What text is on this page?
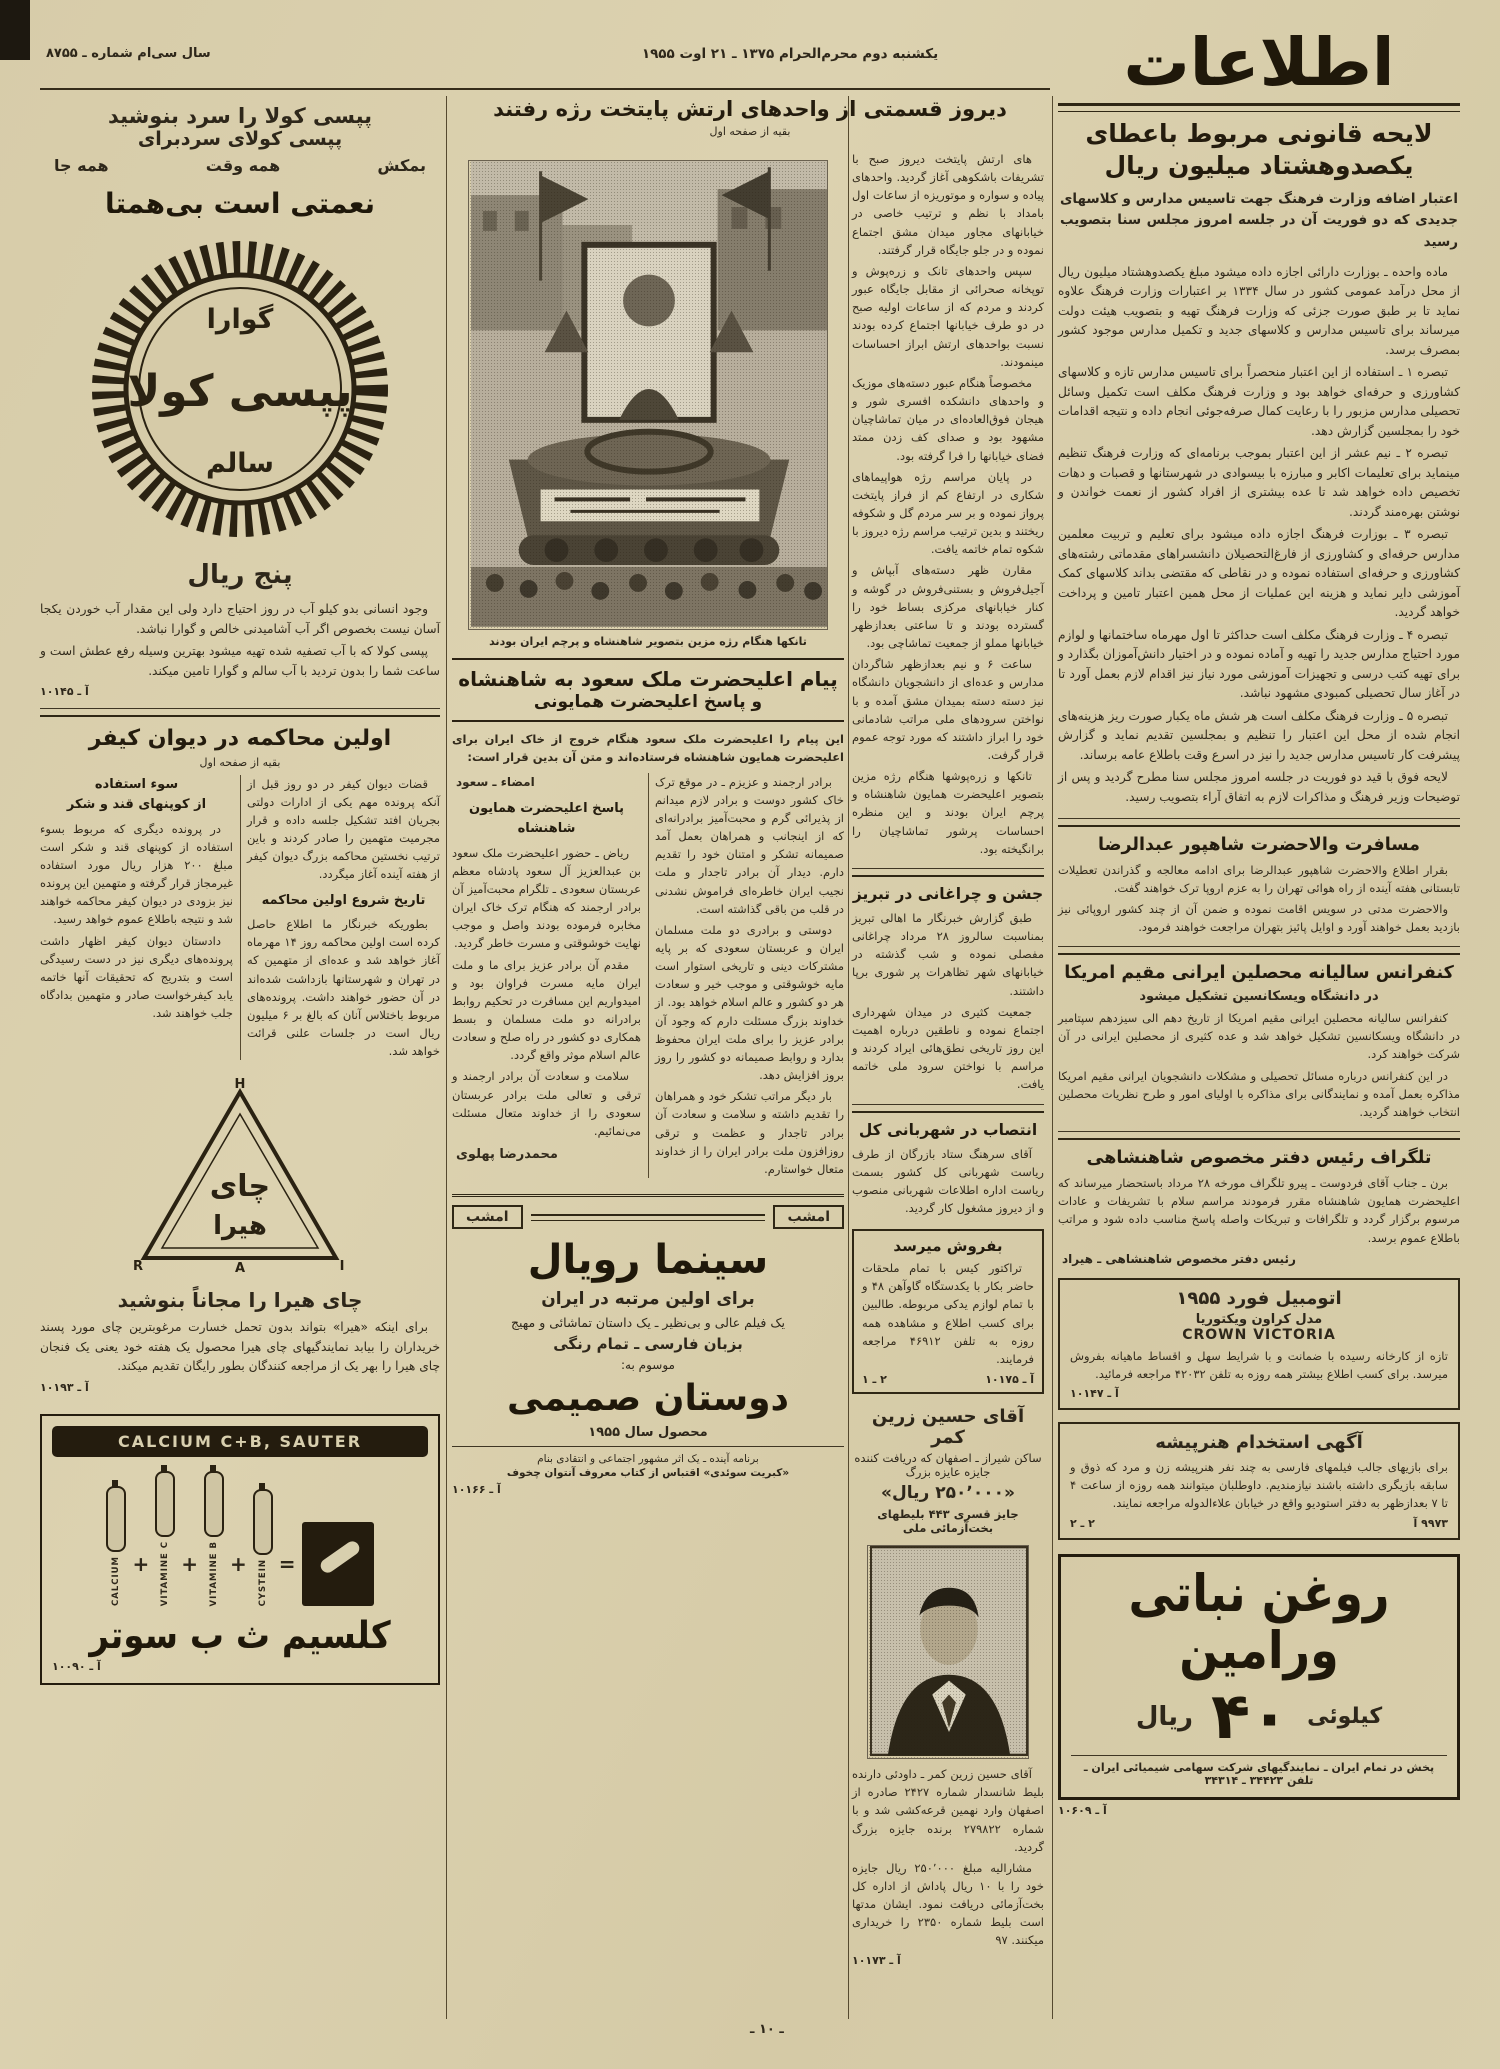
سال سی‌ام شماره ـ ۸۷۵۵	یکشنبه دوم محرم‌الحرام ۱۳۷۵ ـ ۲۱ اوت ۱۹۵۵
دیروز قسمتی از واحدهای ارتش پایتخت رژه رفتند
بقیه از صفحه اول
اطلاعات
لایحه قانونی مربوط باعطای
یکصدوهشتاد میلیون ریال
اعتبار اضافه وزارت فرهنگ جهت تاسیس مدارس و کلاسهای جدیدی که دو فوریت آن در جلسه امروز مجلس سنا بتصویب رسید
ماده واحده ـ بوزارت دارائی اجازه داده میشود مبلغ یکصدوهشتاد میلیون ریال از محل درآمد عمومی کشور در سال ۱۳۳۴ بر اعتبارات وزارت فرهنگ علاوه نماید تا بر طبق صورت جزئی که وزارت فرهنگ تهیه و بتصویب هیئت دولت میرساند برای تاسیس مدارس و کلاسهای جدید و تکمیل مدارس موجود کشور بمصرف برسد.
تبصره ۱ ـ استفاده از این اعتبار منحصراً برای تاسیس مدارس تازه و کلاسهای کشاورزی و حرفه‌ای خواهد بود و وزارت فرهنگ مکلف است تکمیل وسائل تحصیلی مدارس مزبور را با رعایت کمال صرفه‌جوئی انجام داده و نتیجه اقدامات خود را بمجلسین گزارش دهد.
تبصره ۲ ـ نیم عشر از این اعتبار بموجب برنامه‌ای که وزارت فرهنگ تنظیم مینماید برای تعلیمات اکابر و مبارزه با بیسوادی در شهرستانها و قصبات و دهات تخصیص داده خواهد شد تا عده بیشتری از افراد کشور از نعمت خواندن و نوشتن بهره‌مند گردند.
تبصره ۳ ـ بوزارت فرهنگ اجازه داده میشود برای تعلیم و تربیت معلمین مدارس حرفه‌ای و کشاورزی از فارغ‌التحصیلان دانشسراهای مقدماتی رشته‌های کشاورزی و حرفه‌ای استفاده نموده و در نقاطی که مقتضی بداند کلاسهای کمک آموزشی دایر نماید و هزینه این عملیات از محل همین اعتبار تامین و پرداخت خواهد گردید.
تبصره ۴ ـ وزارت فرهنگ مکلف است حداکثر تا اول مهرماه ساختمانها و لوازم مورد احتیاج مدارس جدید را تهیه و آماده نموده و در اختیار دانش‌آموزان بگذارد و برای تهیه کتب درسی و تجهیزات آموزشی مورد نیاز نیز اقدام لازم بعمل آورد تا در آغاز سال تحصیلی کمبودی مشهود نباشد.
تبصره ۵ ـ وزارت فرهنگ مکلف است هر شش ماه یکبار صورت ریز هزینه‌های انجام شده از محل این اعتبار را تنظیم و بمجلسین تقدیم نماید و گزارش پیشرفت کار تاسیس مدارس جدید را نیز در اسرع وقت باطلاع عامه برساند.
لایحه فوق با قید دو فوریت در جلسه امروز مجلس سنا مطرح گردید و پس از توضیحات وزیر فرهنگ و مذاکرات لازم به اتفاق آراء بتصویب رسید.
مسافرت والاحضرت شاهپور عبدالرضا
بقرار اطلاع والاحضرت شاهپور عبدالرضا برای ادامه معالجه و گذراندن تعطیلات تابستانی هفته آینده از راه هوائی تهران را به عزم اروپا ترک خواهند گفت.
والاحضرت مدتی در سویس اقامت نموده و ضمن آن از چند کشور اروپائی نیز بازدید بعمل خواهند آورد و اوایل پائیز بتهران مراجعت خواهند فرمود.
کنفرانس سالیانه محصلین ایرانی مقیم امریکا
در دانشگاه ویسکانسین تشکیل میشود
کنفرانس سالیانه محصلین ایرانی مقیم امریکا از تاریخ دهم الی سیزدهم سپتامبر در دانشگاه ویسکانسین تشکیل خواهد شد و عده کثیری از محصلین ایرانی در آن شرکت خواهند کرد.
در این کنفرانس درباره مسائل تحصیلی و مشکلات دانشجویان ایرانی مقیم امریکا مذاکره بعمل آمده و نمایندگانی برای مذاکره با اولیای امور و طرح نظریات محصلین انتخاب خواهند گردید.
تلگراف رئیس دفتر مخصوص شاهنشاهی
برن ـ جناب آقای فردوست ـ پیرو تلگراف مورخه ۲۸ مرداد باستحضار میرساند که اعلیحضرت همایون شاهنشاه مقرر فرمودند مراسم سلام با تشریفات و عادات مرسوم برگزار گردد و تلگرافات و تبریکات واصله پاسخ مناسب داده شود و مراتب باطلاع عموم برسد.
رئیس دفتر مخصوص شاهنشاهی ـ هیراد
اتومبیل فورد ۱۹۵۵
مدل کراون ویکتوریا
CROWN VICTORIA
تازه از کارخانه رسیده با ضمانت و با شرایط سهل و اقساط ماهیانه بفروش میرسد. برای کسب اطلاع بیشتر همه روزه به تلفن ۴۲۰۳۲ مراجعه فرمائید.
آ ـ ۱۰۱۴۷
آگهی استخدام هنرپیشه
برای بازیهای جالب فیلمهای فارسی به چند نفر هنرپیشه زن و مرد که ذوق و سابقه بازیگری داشته باشند نیازمندیم. داوطلبان میتوانند همه روزه از ساعت ۴ تا ۷ بعدازظهر به دفتر استودیو واقع در خیابان علاءالدوله مراجعه نمایند.
۹۹۷۳ آ
۲ ـ ۲
روغن نباتی ورامین
کیلوئی
۴۰
ریال
پخش در تمام ایران ـ نمایندگیهای شرکت سهامی شیمیائی ایران ـ تلفن ۳۴۴۲۳ ـ ۳۴۳۱۴
آ ـ ۱۰۶۰۹
های ارتش پایتخت دیروز صبح با تشریفات باشکوهی آغاز گردید. واحدهای پیاده و سواره و موتوریزه از ساعات اول بامداد با نظم و ترتیب خاصی در خیابانهای مجاور میدان مشق اجتماع نموده و در جلو جایگاه قرار گرفتند.
سپس واحدهای تانک و زره‌پوش و توپخانه صحرائی از مقابل جایگاه عبور کردند و مردم که از ساعات اولیه صبح در دو طرف خیابانها اجتماع کرده بودند نسبت بواحدهای ارتش ابراز احساسات مینمودند.
مخصوصاً هنگام عبور دسته‌های موزیک و واحدهای دانشکده افسری شور و هیجان فوق‌العاده‌ای در میان تماشاچیان مشهود بود و صدای کف زدن ممتد فضای خیابانها را فرا گرفته بود.
در پایان مراسم رژه هواپیماهای شکاری در ارتفاع کم از فراز پایتخت پرواز نموده و بر سر مردم گل و شکوفه ریختند و بدین ترتیب مراسم رژه دیروز با شکوه تمام خاتمه یافت.
مقارن ظهر دسته‌های آبپاش و آجیل‌فروش و بستنی‌فروش در گوشه و کنار خیابانهای مرکزی بساط خود را گسترده بودند و تا ساعتی بعدازظهر خیابانها مملو از جمعیت تماشاچی بود.
ساعت ۶ و نیم بعدازظهر شاگردان مدارس و عده‌ای از دانشجویان دانشگاه نیز دسته دسته بمیدان مشق آمده و با نواختن سرودهای ملی مراتب شادمانی خود را ابراز داشتند که مورد توجه عموم قرار گرفت.
تانکها و زره‌پوشها هنگام رژه مزین بتصویر اعلیحضرت همایون شاهنشاه و پرچم ایران بودند و این منظره احساسات پرشور تماشاچیان را برانگیخته بود.
جشن و چراغانی در تبریز
طبق گزارش خبرنگار ما اهالی تبریز بمناسبت سالروز ۲۸ مرداد چراغانی مفصلی نموده و شب گذشته در خیابانهای شهر تظاهرات پر شوری برپا داشتند.
جمعیت کثیری در میدان شهرداری اجتماع نموده و ناطقین درباره اهمیت این روز تاریخی نطق‌هائی ایراد کردند و مراسم با نواختن سرود ملی خاتمه یافت.
انتصاب در شهربانی کل
آقای سرهنگ ستاد بازرگان از طرف ریاست شهربانی کل کشور بسمت ریاست اداره اطلاعات شهربانی منصوب و از دیروز مشغول کار گردید.
بفروش میرسد
تراکتور کیس با تمام ملحقات حاضر بکار با یکدستگاه گاوآهن ۴۸ و با تمام لوازم یدکی مربوطه. طالبین برای کسب اطلاع و مشاهده همه روزه به تلفن ۴۶۹۱۲ مراجعه فرمایند.
آ ـ ۱۰۱۷۵
۲ ـ ۱
آقای حسین زرین کمر
ساکن شیراز ـ اصفهان که دریافت کننده جایزه عایزه بزرگ
«۲۵۰٬۰۰۰ ریال»
جایز قسری ۴۴۳ بلیطهای بخت‌آزمائی ملی
آقای حسین زرین کمر ـ داودئی دارنده بلیط شانسدار شماره ۲۴۲۷ صادره از اصفهان وارد نهمین قرعه‌کشی شد و با شماره ۲۷۹۸۲۲ برنده جایزه بزرگ گردید.
مشارالیه مبلغ ۲۵۰٬۰۰۰ ریال جایزه خود را با ۱۰ ریال پاداش از اداره کل بخت‌آزمائی دریافت نمود. ایشان مدتها است بلیط شماره ۲۳۵۰ را خریداری میکنند. ۹۷
آ ـ ۱۰۱۷۳
تانکها هنگام رژه مزین بتصویر شاهنشاه و پرچم ایران بودند
پیام اعلیحضرت ملک سعود به شاهنشاه
و پاسخ اعلیحضرت همایونی
این پیام را اعلیحضرت ملک سعود هنگام خروج از خاک ایران برای اعلیحضرت همایون شاهنشاه فرستاده‌اند و متن آن بدین قرار است:
برادر ارجمند و عزیزم ـ در موقع ترک خاک کشور دوست و برادر لازم میدانم از پذیرائی گرم و محبت‌آمیز برادرانه‌ای که از اینجانب و همراهان بعمل آمد صمیمانه تشکر و امتنان خود را تقدیم دارم. دیدار آن برادر تاجدار و ملت نجیب ایران خاطره‌ای فراموش نشدنی در قلب من باقی گذاشته است.
دوستی و برادری دو ملت مسلمان ایران و عربستان سعودی که بر پایه مشترکات دینی و تاریخی استوار است مایه خوشوقتی و موجب خیر و سعادت هر دو کشور و عالم اسلام خواهد بود. از خداوند بزرگ مسئلت دارم که وجود آن برادر عزیز را برای ملت ایران محفوظ بدارد و روابط صمیمانه دو کشور را روز بروز افزایش دهد.
بار دیگر مراتب تشکر خود و همراهان را تقدیم داشته و سلامت و سعادت آن برادر تاجدار و عظمت و ترقی روزافزون ملت برادر ایران را از خداوند متعال خواستارم.
امضاء ـ سعود
پاسخ اعلیحضرت همایون شاهنشاه
ریاض ـ حضور اعلیحضرت ملک سعود بن عبدالعزیز آل سعود پادشاه معظم عربستان سعودی ـ تلگرام محبت‌آمیز آن برادر ارجمند که هنگام ترک خاک ایران مخابره فرموده بودند واصل و موجب نهایت خوشوقتی و مسرت خاطر گردید.
مقدم آن برادر عزیز برای ما و ملت ایران مایه مسرت فراوان بود و امیدواریم این مسافرت در تحکیم روابط برادرانه دو ملت مسلمان و بسط همکاری دو کشور در راه صلح و سعادت عالم اسلام موثر واقع گردد.
سلامت و سعادت آن برادر ارجمند و ترقی و تعالی ملت برادر عربستان سعودی را از خداوند متعال مسئلت می‌نمائیم.
محمدرضا پهلوی
امشب
امشب
سینما رویال
برای اولین مرتبه در ایران
یک فیلم عالی و بی‌نظیر ـ یک داستان تماشائی و مهیج
بزبان فارسی ـ تمام رنگی
موسوم به:
دوستان صمیمی
محصول سال ۱۹۵۵
برنامه آینده ـ یک اثر مشهور اجتماعی و انتقادی بنام
«کبریت سوئدی» اقتباس از کتاب معروف آنتوان چخوف
آ ـ ۱۰۱۶۶
پپسی کولا را سرد بنوشید
پپسی کولای سردبرای
بمکش
همه وقت
همه جا
نعمتی است بی‌همتا
گوارا
پپسی کولا
سالم
پنج ریال
وجود انسانی بدو کیلو آب در روز احتیاج دارد ولی این مقدار آب خوردن یکجا آسان نیست بخصوص اگر آب آشامیدنی خالص و گوارا نباشد.
پپسی کولا که با آب تصفیه شده تهیه میشود بهترین وسیله رفع عطش است و ساعت شما را بدون تردید با آب سالم و گوارا تامین میکند.
آ ـ ۱۰۱۴۵
اولین محاکمه در دیوان کیفر
بقیه از صفحه اول
قضات دیوان کیفر در دو روز قبل از آنکه پرونده مهم یکی از ادارات دولتی بجریان افتد تشکیل جلسه داده و قرار مجرمیت متهمین را صادر کردند و باین ترتیب نخستین محاکمه بزرگ دیوان کیفر از هفته آینده آغاز میگردد.
تاریخ شروع اولین محاکمه
بطوریکه خبرنگار ما اطلاع حاصل کرده است اولین محاکمه روز ۱۴ مهرماه آغاز خواهد شد و عده‌ای از متهمین که در تهران و شهرستانها بازداشت شده‌اند در آن حضور خواهند داشت. پرونده‌های مربوط باختلاس آنان که بالغ بر ۶ میلیون ریال است در جلسات علنی قرائت خواهد شد.
سوء استفاده
از کوپنهای قند و شکر
در پرونده دیگری که مربوط بسوء استفاده از کوپنهای قند و شکر است مبلغ ۲۰۰ هزار ریال مورد استفاده غیرمجاز قرار گرفته و متهمین این پرونده نیز بزودی در دیوان کیفر محاکمه خواهند شد و نتیجه باطلاع عموم خواهد رسید.
دادستان دیوان کیفر اظهار داشت پرونده‌های دیگری نیز در دست رسیدگی است و بتدریج که تحقیقات آنها خاتمه یابد کیفرخواست صادر و متهمین بدادگاه جلب خواهند شد.
H
I
R	A
چای
هیرا
چای هیرا را مجاناً بنوشید
برای اینکه «هیرا» بتواند بدون تحمل خسارت مرغوبترین چای مورد پسند خریداران را بیابد نمایندگیهای چای هیرا محصول یک هفته خود یعنی یک فنجان چای هیرا را بهر یک از مراجعه کنندگان بطور رایگان تقدیم میکند.
آ ـ ۱۰۱۹۳
CALCIUM C+B, SAUTER
CALCIUM + VITAMINE C + VITAMINE B + CYSTEIN =
کلسیم ث ب سوتر
آ ـ ۱۰۰۹۰
ـ ۱۰ ـ
